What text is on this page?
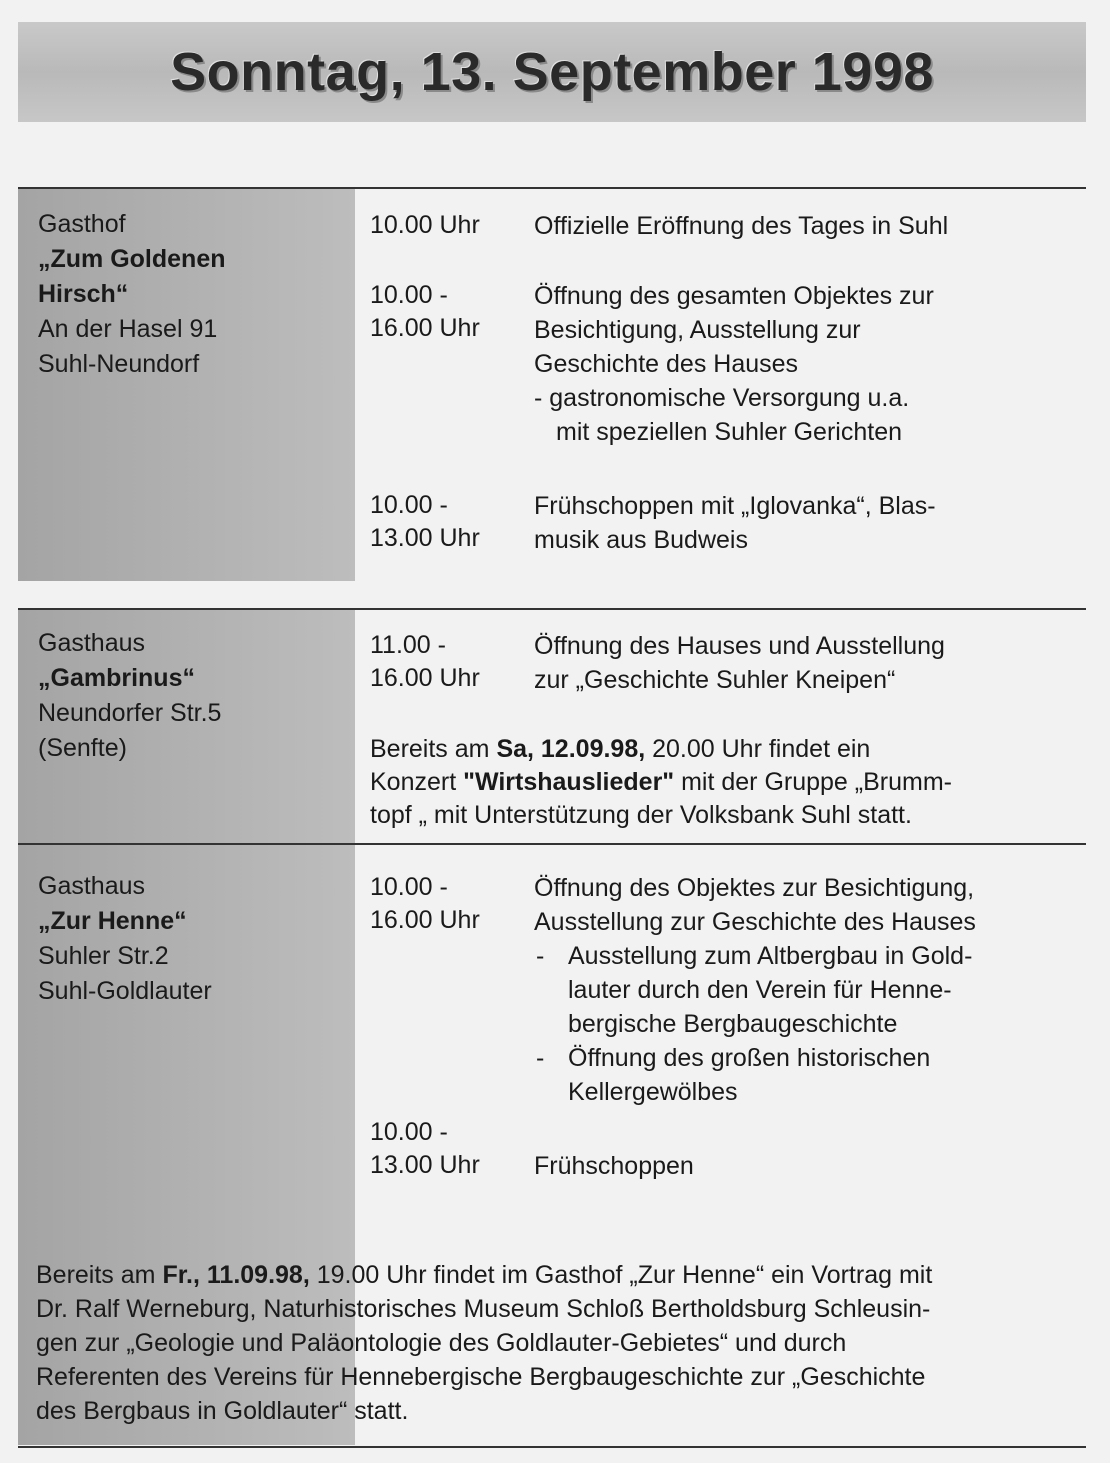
Sonntag, 13. September 1998
Gasthof
„Zum Goldenen
Hirsch“
An der Hasel 91
Suhl-Neundorf
10.00 Uhr	Offizielle Eröffnung des Tages in Suhl
10.00 -
16.00 Uhr
Öffnung des gesamten Objektes zur
Besichtigung, Ausstellung zur
Geschichte des Hauses
- gastronomische Versorgung u.a.
mit speziellen Suhler Gerichten
10.00 -
13.00 Uhr
Frühschoppen mit „Iglovanka“, Blas-
musik aus Budweis
Gasthaus
„Gambrinus“
Neundorfer Str.5
(Senfte)
11.00 -
16.00 Uhr
Öffnung des Hauses und Ausstellung
zur „Geschichte Suhler Kneipen“
Bereits am Sa, 12.09.98, 20.00 Uhr findet ein
Konzert "Wirtshauslieder" mit der Gruppe „Brumm-
topf „ mit Unterstützung der Volksbank Suhl statt.
Gasthaus
„Zur Henne“
Suhler Str.2
Suhl-Goldlauter
10.00 -
16.00 Uhr
Öffnung des Objektes zur Besichtigung,
Ausstellung zur Geschichte des Hauses
- Ausstellung zum Altbergbau in Gold-
lauter durch den Verein für Henne-
bergische Bergbaugeschichte
- Öffnung des großen historischen
Kellergewölbes
10.00 -
13.00 Uhr	Frühschoppen
Bereits am Fr., 11.09.98, 19.00 Uhr findet im Gasthof „Zur Henne“ ein Vortrag mit
Dr. Ralf Werneburg, Naturhistorisches Museum Schloß Bertholdsburg Schleusin-
gen zur „Geologie und Paläontologie des Goldlauter-Gebietes“ und durch
Referenten des Vereins für Hennebergische Bergbaugeschichte zur „Geschichte
des Bergbaus in Goldlauter“ statt.
